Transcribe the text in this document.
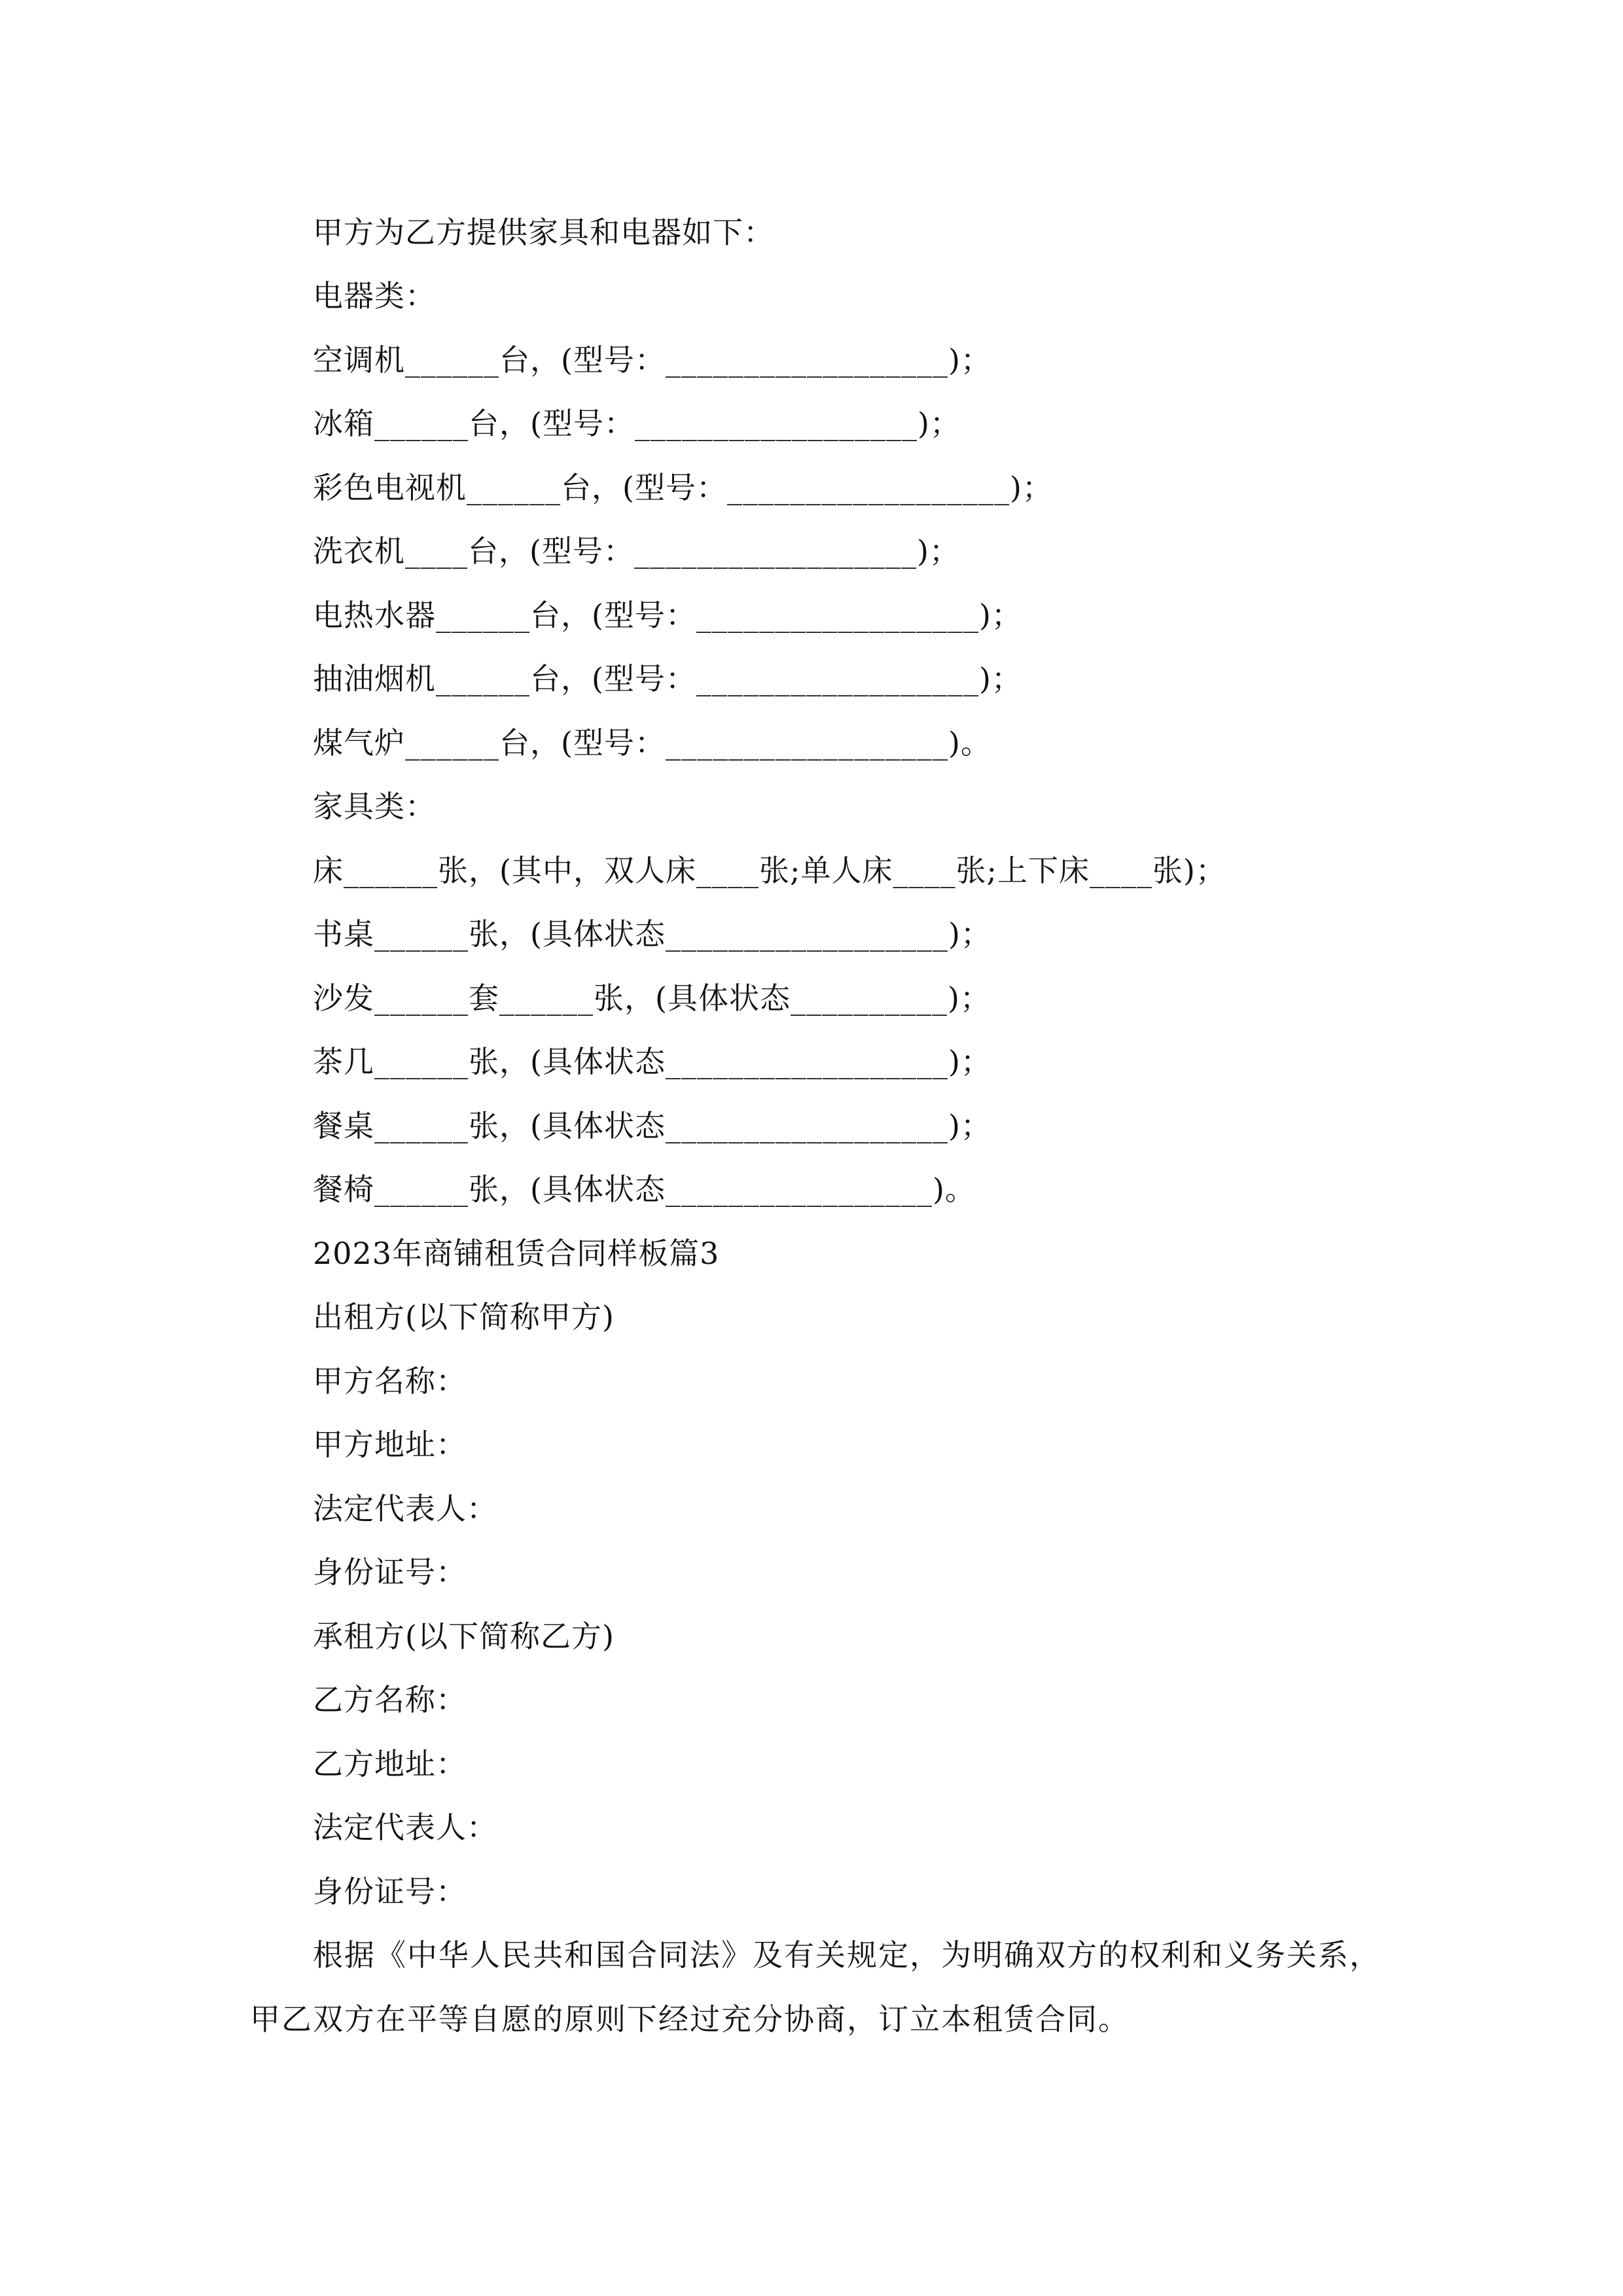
甲方为乙方提供家具和电器如下：
电器类：
空调机______台，(型号：__________________)；
冰箱______台，(型号：__________________)；
彩色电视机______台，(型号：__________________)；
洗衣机____台，(型号：__________________)；
电热水器______台，(型号：__________________)；
抽油烟机______台，(型号：__________________)；
煤气炉______台，(型号：__________________)。
家具类：
床______张，(其中，双人床____张;单人床____张;上下床____张)；
书桌______张，(具体状态__________________)；
沙发______套______张，(具体状态__________)；
茶几______张，(具体状态__________________)；
餐桌______张，(具体状态__________________)；
餐椅______张，(具体状态_________________)。
2023年商铺租赁合同样板篇3
出租方(以下简称甲方)
甲方名称：
甲方地址：
法定代表人：
身份证号：
承租方(以下简称乙方)
乙方名称：
乙方地址：
法定代表人：
身份证号：
根据《中华人民共和国合同法》及有关规定，为明确双方的权利和义务关系，
甲乙双方在平等自愿的原则下经过充分协商，订立本租赁合同。
